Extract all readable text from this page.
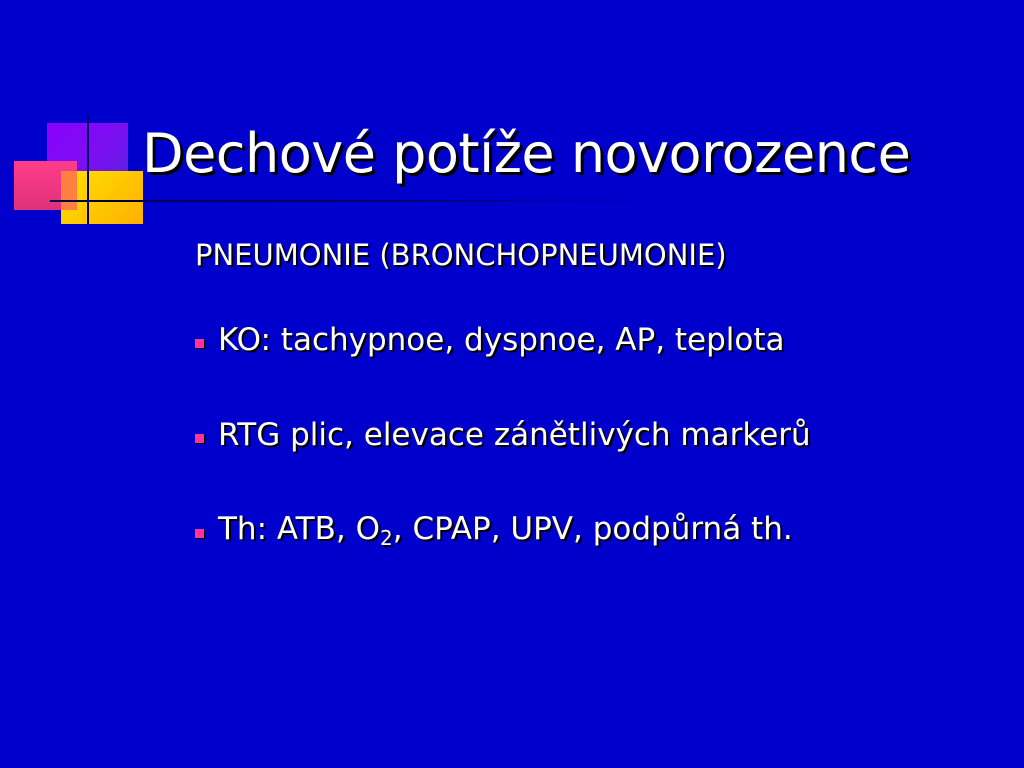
Dechové potíže novorozence
PNEUMONIE (BRONCHOPNEUMONIE)
KO: tachypnoe, dyspnoe, AP, teplota
RTG plic, elevace zánětlivých markerů
Th: ATB, $O_2$, CPAP, UPV, podpůrná th.
